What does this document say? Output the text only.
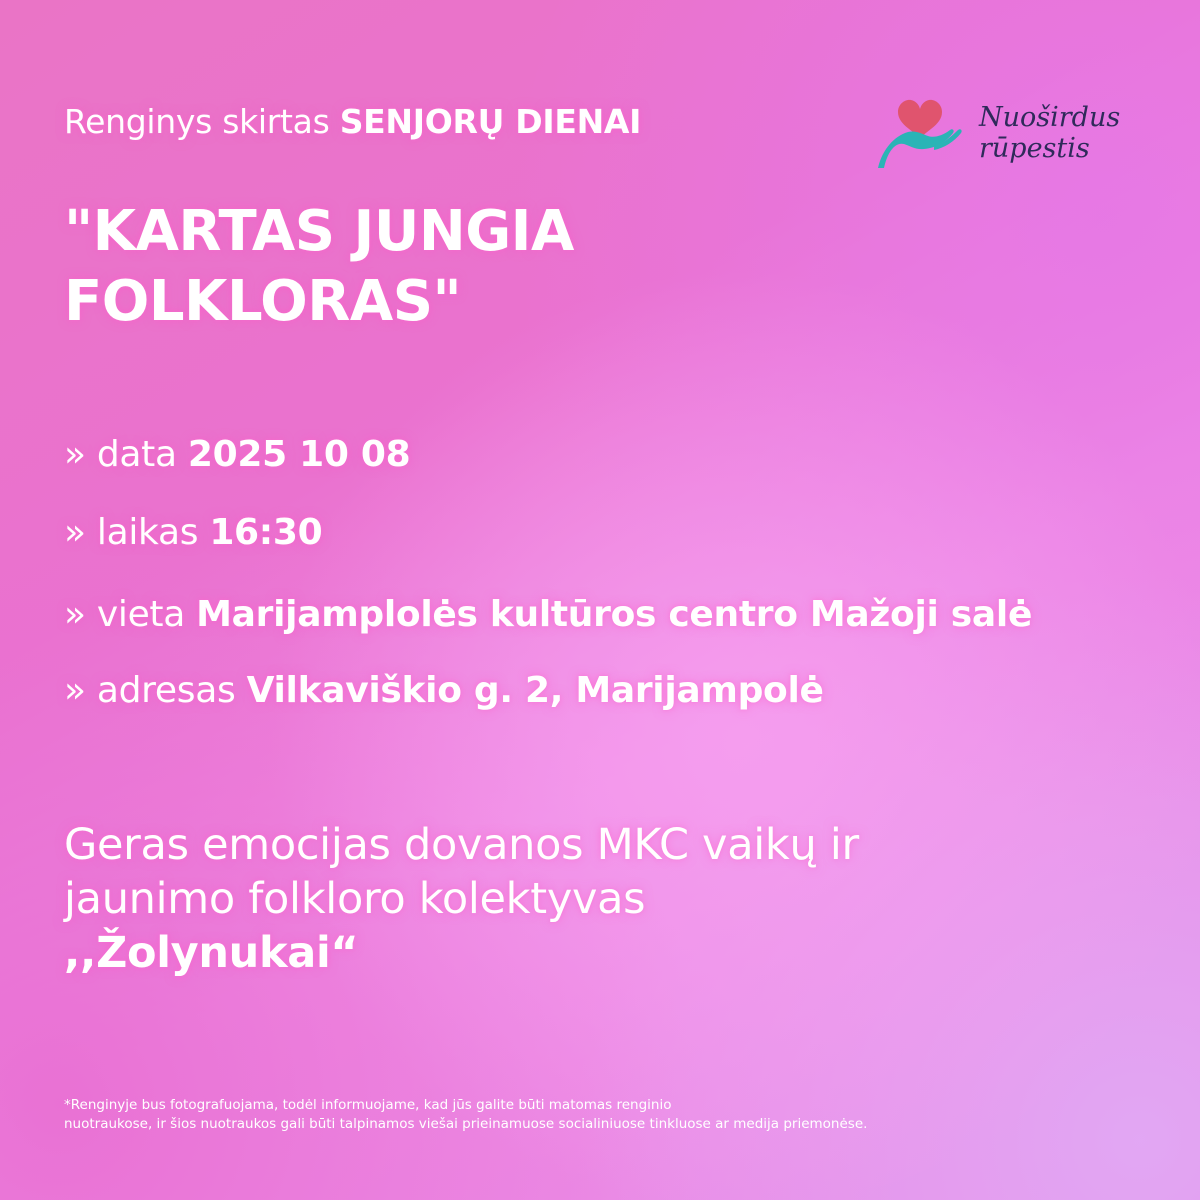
Renginys skirtas SENJORŲ DIENAI
"KARTAS JUNGIA
FOLKLORAS"
Nuoširdus
rūpestis
» data 2025 10 08
» laikas 16:30
» vieta Marijamplolės kultūros centro Mažoji salė
» adresas Vilkaviškio g. 2, Marijampolė
Geras emocijas dovanos MKC vaikų ir
jaunimo folkloro kolektyvas
,,Žolynukai“
*Renginyje bus fotografuojama, todėl informuojame, kad jūs galite būti matomas renginio
nuotraukose, ir šios nuotraukos gali būti talpinamos viešai prieinamuose socialiniuose tinkluose ar medija priemonėse.
